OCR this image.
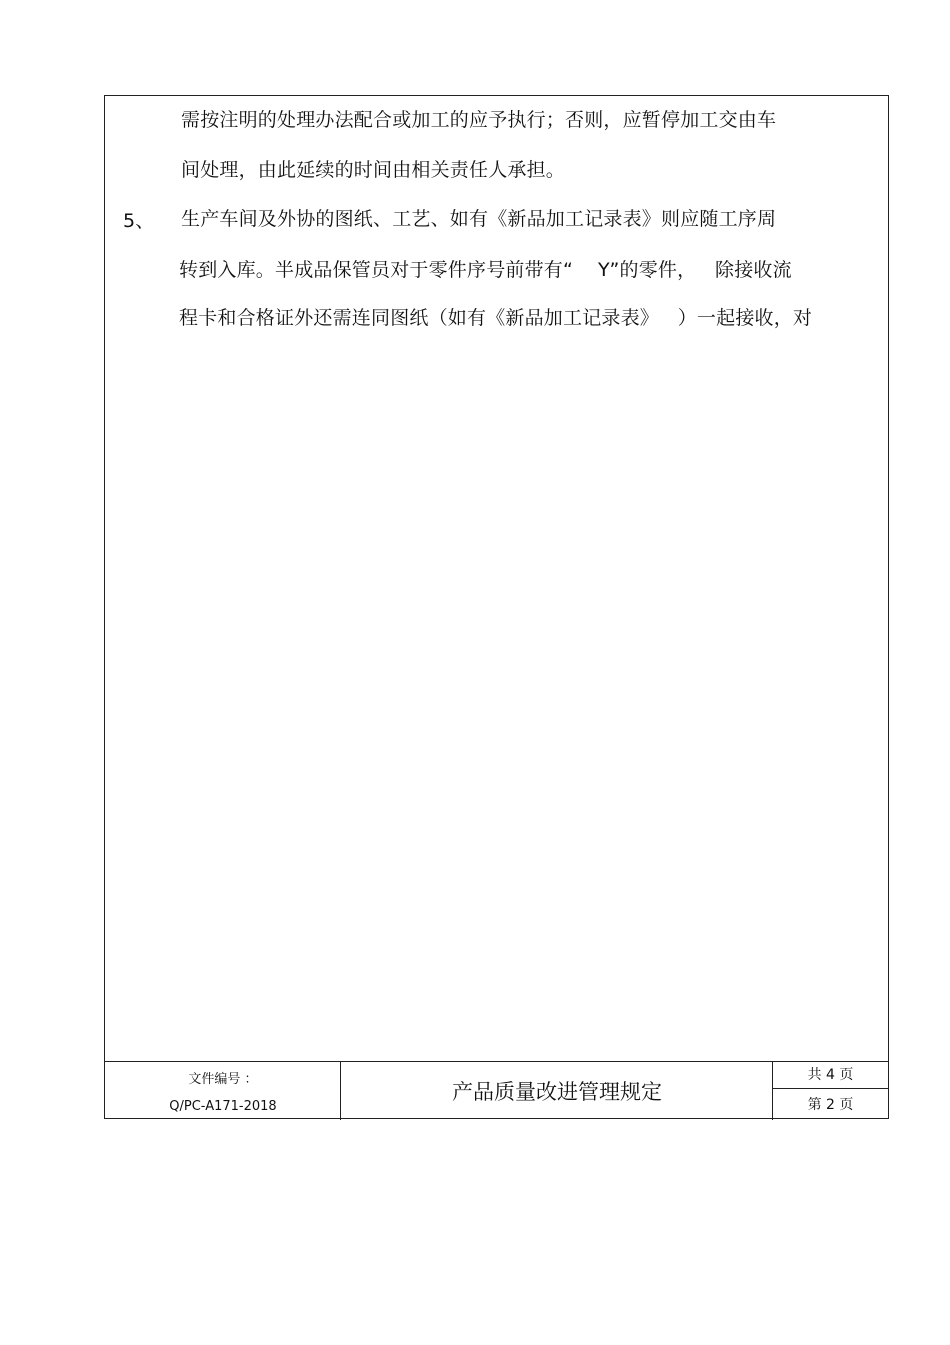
需按注明的处理办法配合或加工的应予执行；否则，应暂停加工交由车
间处理，由此延续的时间由相关责任人承担。
5、 生产车间及外协的图纸、工艺、如有《新品加工记录表》则应随工序周
转到入库。半成品保管员对于零件序号前带有“    Y”的零件，   除接收流
程卡和合格证外还需连同图纸（如有《新品加工记录表》   ）一起接收，对
文件编号 ：
Q/PC-A171-2018
产品质量改进管理规定
共 4 页
第 2 页
